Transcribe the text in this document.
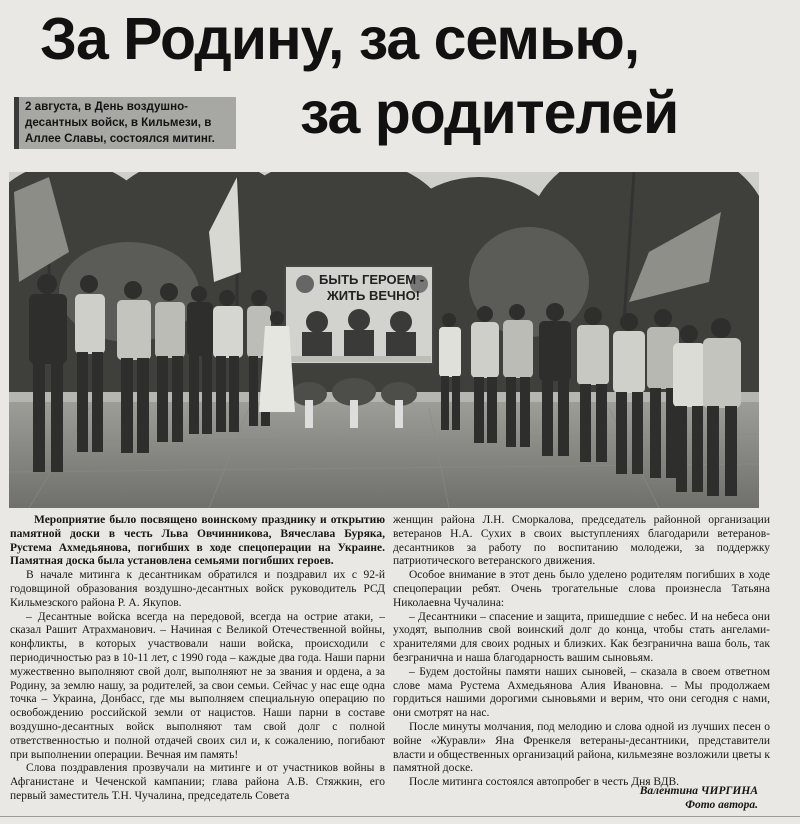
За Родину, за семью,
за родителей
2 августа, в День воздушно-десантных войск, в Кильмези, в Аллее Славы, состоялся митинг.
БЫТЬ ГЕРОЕМ -
ЖИТЬ ВЕЧНО!

Мероприятие было посвящено воинскому празднику и открытию памятной доски в честь Льва Овчинникова, Вячеслава Буряка, Рустема Ахмедьянова, погибших в ходе спецоперации на Украине. Памятная доска была установлена семьями погибших героев.

В начале митинга к десантникам обратился и поздравил их с 92-й годовщиной образования воздушно-десантных войск руководитель РСД Кильмезского района Р. А. Якупов.

– Десантные войска всегда на передовой, всегда на острие атаки, – сказал Рашит Атрахманович. – Начиная с Великой Отечественной войны, конфликты, в которых участвовали наши войска, происходили с периодичностью раз в 10-11 лет, с 1990 года – каждые два года. Наши парни мужественно выполняют свой долг, выполняют не за звания и ордена, а за Родину, за землю нашу, за родителей, за свои семьи. Сейчас у нас еще одна точка – Украина, Донбасс, где мы выполняем специальную операцию по освобождению российской земли от нацистов. Наши парни в составе воздушно-десантных войск выполняют там свой долг с полной ответственностью и полной отдачей своих сил и, к сожалению, погибают при выполнении операции. Вечная им память!

Слова поздравления прозвучали на митинге и от участников войны в Афганистане и Чеченской кампании; глава района А.В. Стяжкин, его первый заместитель Т.Н. Чучалина, председатель Совета

женщин района Л.Н. Сморкалова, председатель районной организации ветеранов Н.А. Сухих в своих выступлениях благодарили ветеранов-десантников за работу по воспитанию молодежи, за поддержку патриотического ветеранского движения.

Особое внимание в этот день было уделено родителям погибших в ходе спецоперации ребят. Очень трогательные слова произнесла Татьяна Николаевна Чучалина:

– Десантники – спасение и защита, пришедшие с небес. И на небеса они уходят, выполнив свой воинский долг до конца, чтобы стать ангелами-хранителями для своих родных и близких. Как безгранична ваша боль, так безгранична и наша благодарность вашим сыновьям.

– Будем достойны памяти наших сыновей, – сказала в своем ответном слове мама Рустема Ахмедьянова Алия Ивановна. – Мы продолжаем гордиться нашими дорогими сыновьями и верим, что они сегодня с нами, они смотрят на нас.

После минуты молчания, под мелодию и слова одной из лучших песен о войне «Журавли» Яна Френкеля ветераны-десантники, представители власти и общественных организаций района, кильмезяне возложили цветы к памятной доске.

После митинга состоялся автопробег в честь Дня ВДВ.

Валентина ЧИРГИНА
Фото автора.
